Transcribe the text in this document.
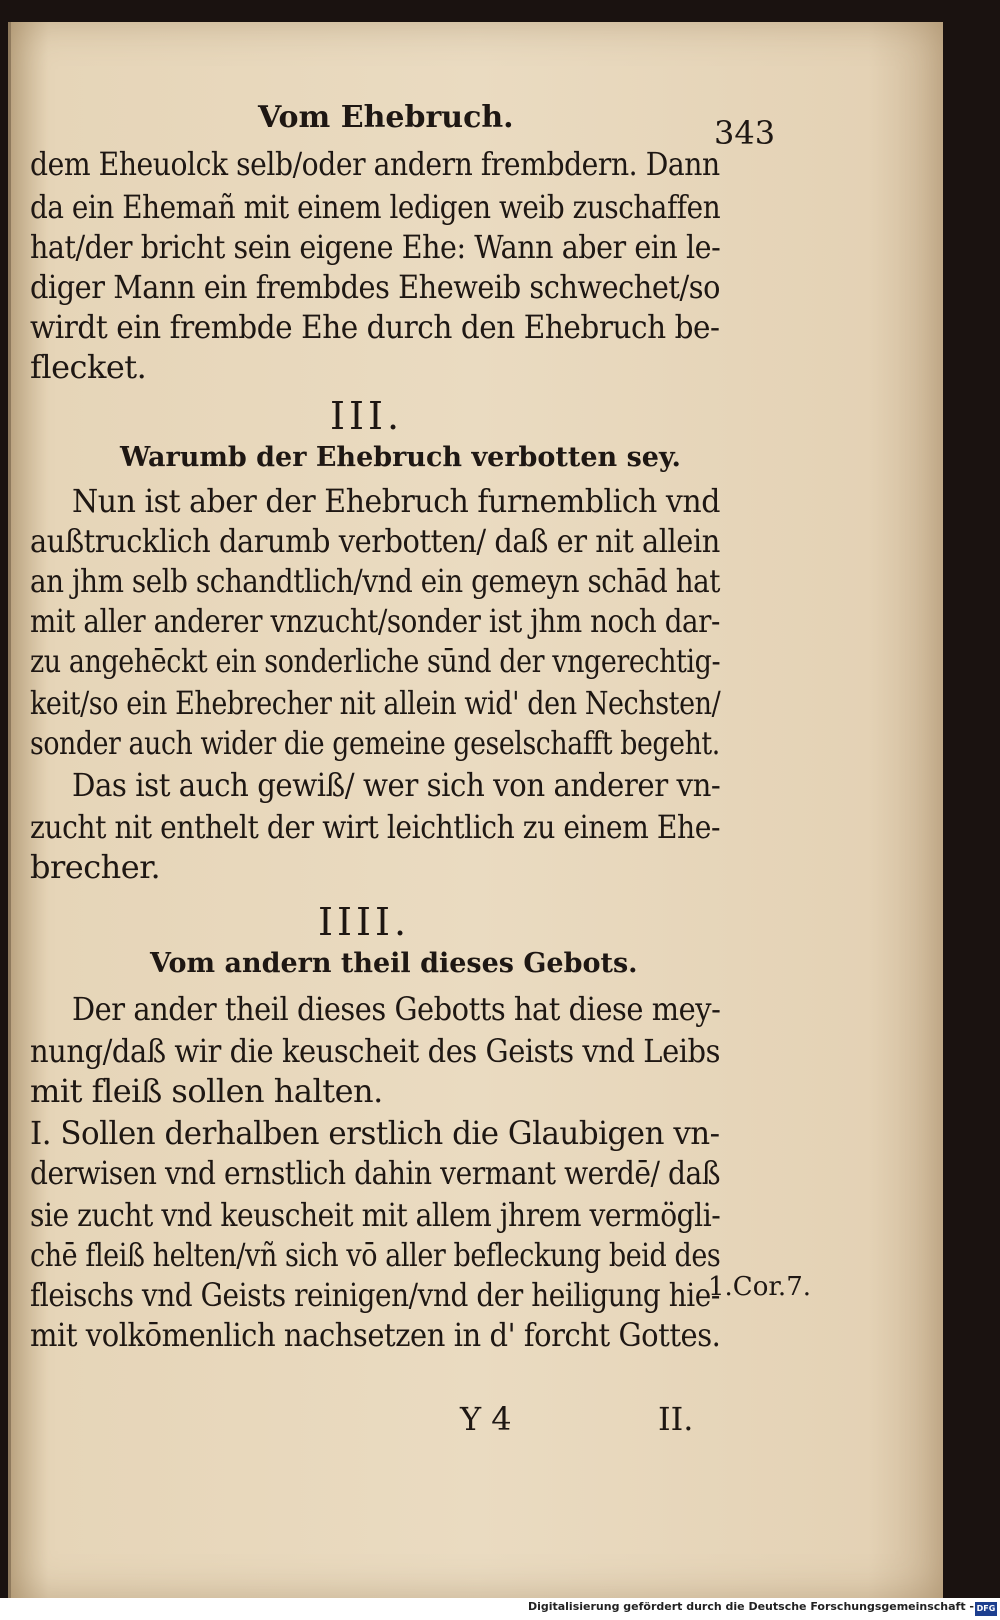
Vom Ehebruch.	343
dem Eheuolck selb/oder andern frembdern. Dann
da ein Ehemañ mit einem ledigen weib zuschaffen
hat/der bricht sein eigene Ehe: Wann aber ein le-
diger Mann ein frembdes Eheweib schwechet/so
wirdt ein frembde Ehe durch den Ehebruch be-
flecket.
III.
Warumb der Ehebruch verbotten sey.
Nun ist aber der Ehebruch furnemblich vnd
außtrucklich darumb verbotten/ daß er nit allein
an jhm selb schandtlich/vnd ein gemeyn schād hat
mit aller anderer vnzucht/sonder ist jhm noch dar-
zu angehēckt ein sonderliche sūnd der vngerechtig-
keit/so ein Ehebrecher nit allein wid' den Nechsten/
sonder auch wider die gemeine geselschafft begeht.
Das ist auch gewiß/ wer sich von anderer vn-
zucht nit enthelt der wirt leichtlich zu einem Ehe-
brecher.
IIII.
Vom andern theil dieses Gebots.
Der ander theil dieses Gebotts hat diese mey-
nung/daß wir die keuscheit des Geists vnd Leibs
mit fleiß sollen halten.
I. Sollen derhalben erstlich die Glaubigen vn-
derwisen vnd ernstlich dahin vermant werdē/ daß
sie zucht vnd keuscheit mit allem jhrem vermögli-
chē fleiß helten/vñ sich vō aller befleckung beid des
fleischs vnd Geists reinigen/vnd der heiligung hie-
mit volkōmenlich nachsetzen in d' forcht Gottes.
1.Cor.7.
Y 4	II.
Digitalisierung gefördert durch die Deutsche Forschungsgemeinschaft - DFG
